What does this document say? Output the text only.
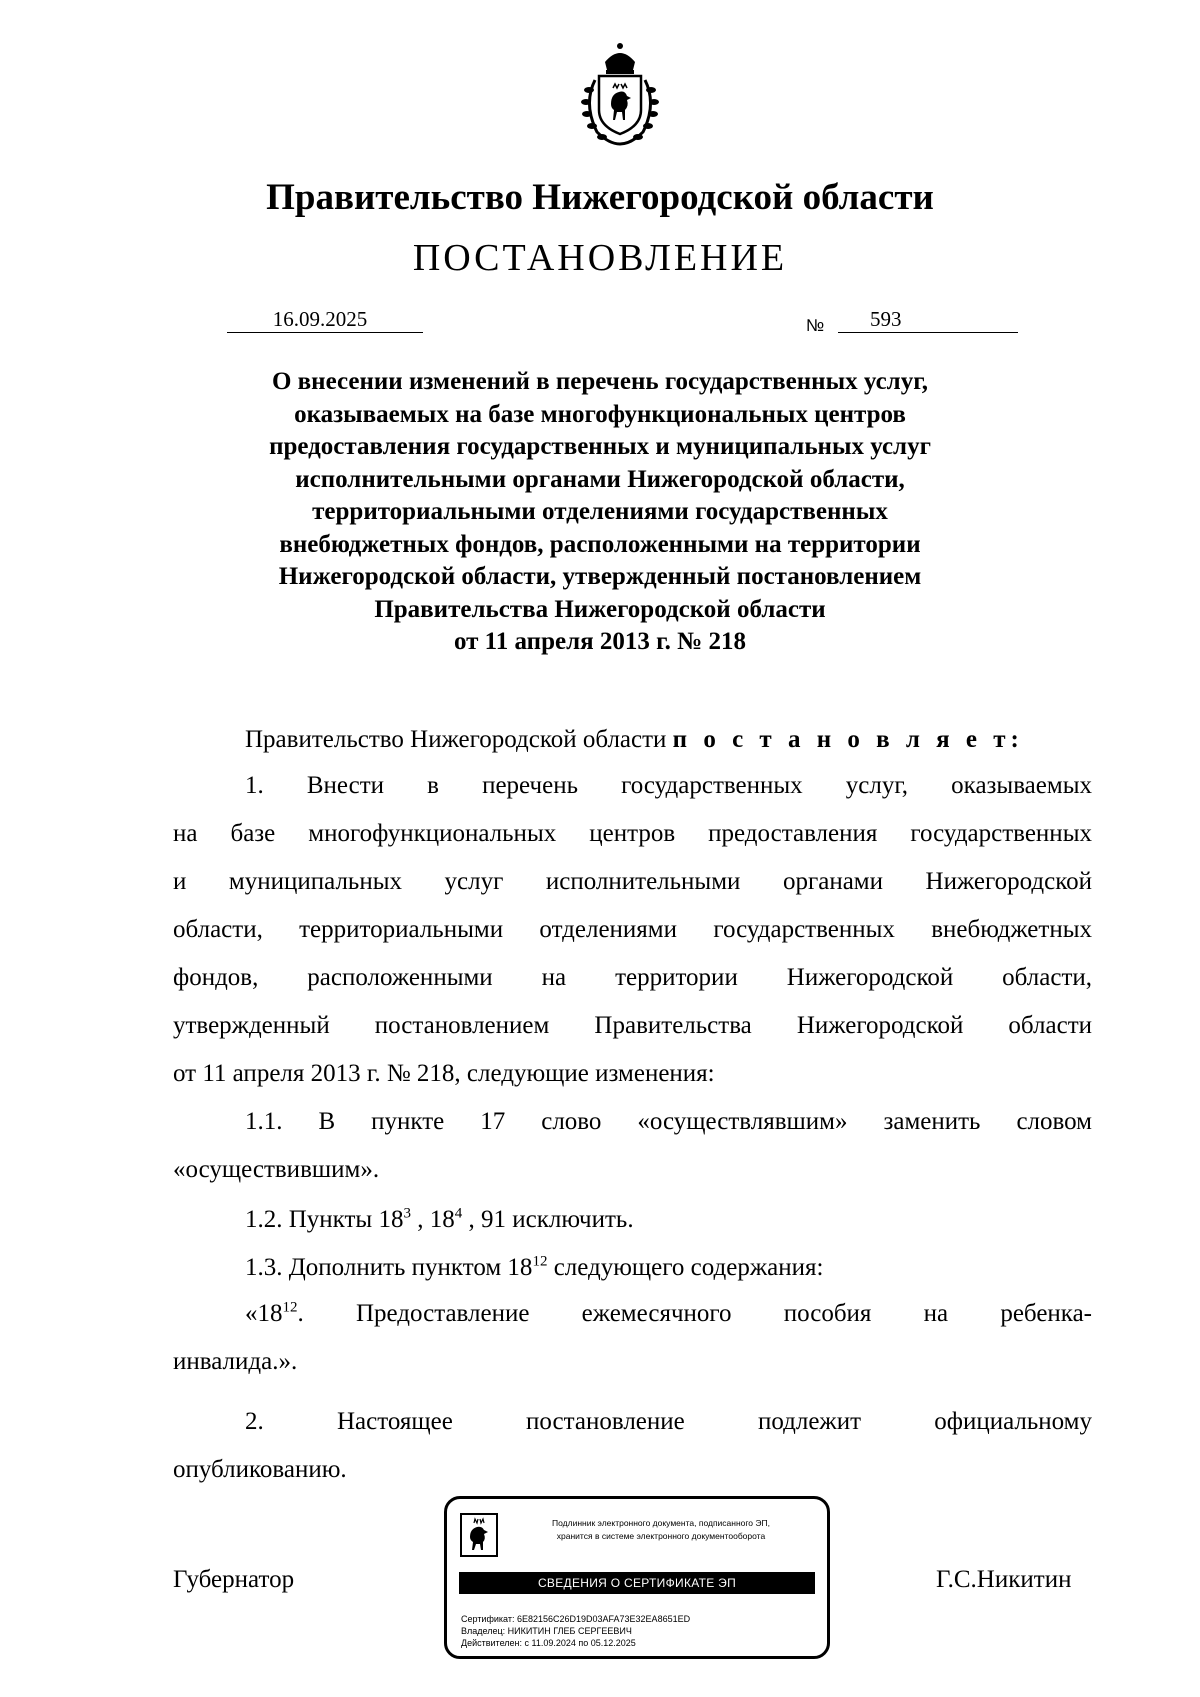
Правительство Нижегородской области
ПОСТАНОВЛЕНИЕ
16.09.2025	№	593
О внесении изменений в перечень государственных услуг,
оказываемых на базе многофункциональных центров
предоставления государственных и муниципальных услуг
исполнительными органами Нижегородской области,
территориальными отделениями государственных
внебюджетных фондов, расположенными на территории
Нижегородской области, утвержденный постановлением
Правительства Нижегородской области
от 11 апреля 2013 г. № 218
Правительство Нижегородской области п о с т а н о в л я е т:
1. Внести в перечень государственных услуг, оказываемых
на базе многофункциональных центров предоставления государственных
и муниципальных услуг исполнительными органами Нижегородской
области, территориальными отделениями государственных внебюджетных
фондов, расположенными на территории Нижегородской области,
утвержденный постановлением Правительства Нижегородской области
от 11 апреля 2013 г. № 218, следующие изменения:
1.1. В пункте 17 слово «осуществлявшим» заменить словом
«осуществившим».
1.2. Пункты $18^3$ , $18^4$ , 91 исключить.
1.3. Дополнить пунктом $18^{12}$ следующего содержания:
«$18^{12}$. Предоставление ежемесячного пособия на ребенка-
инвалида.».
2. Настоящее постановление подлежит официальному
опубликованию.
Губернатор	Г.С.Никитин
Подлинник электронного документа, подписанного ЭП,
хранится в системе электронного документооборота
СВЕДЕНИЯ О СЕРТИФИКАТЕ ЭП
Сертификат: 6E82156C26D19D03AFA73E32EA8651ED
Владелец: НИКИТИН ГЛЕБ СЕРГЕЕВИЧ
Действителен: с 11.09.2024 по 05.12.2025
